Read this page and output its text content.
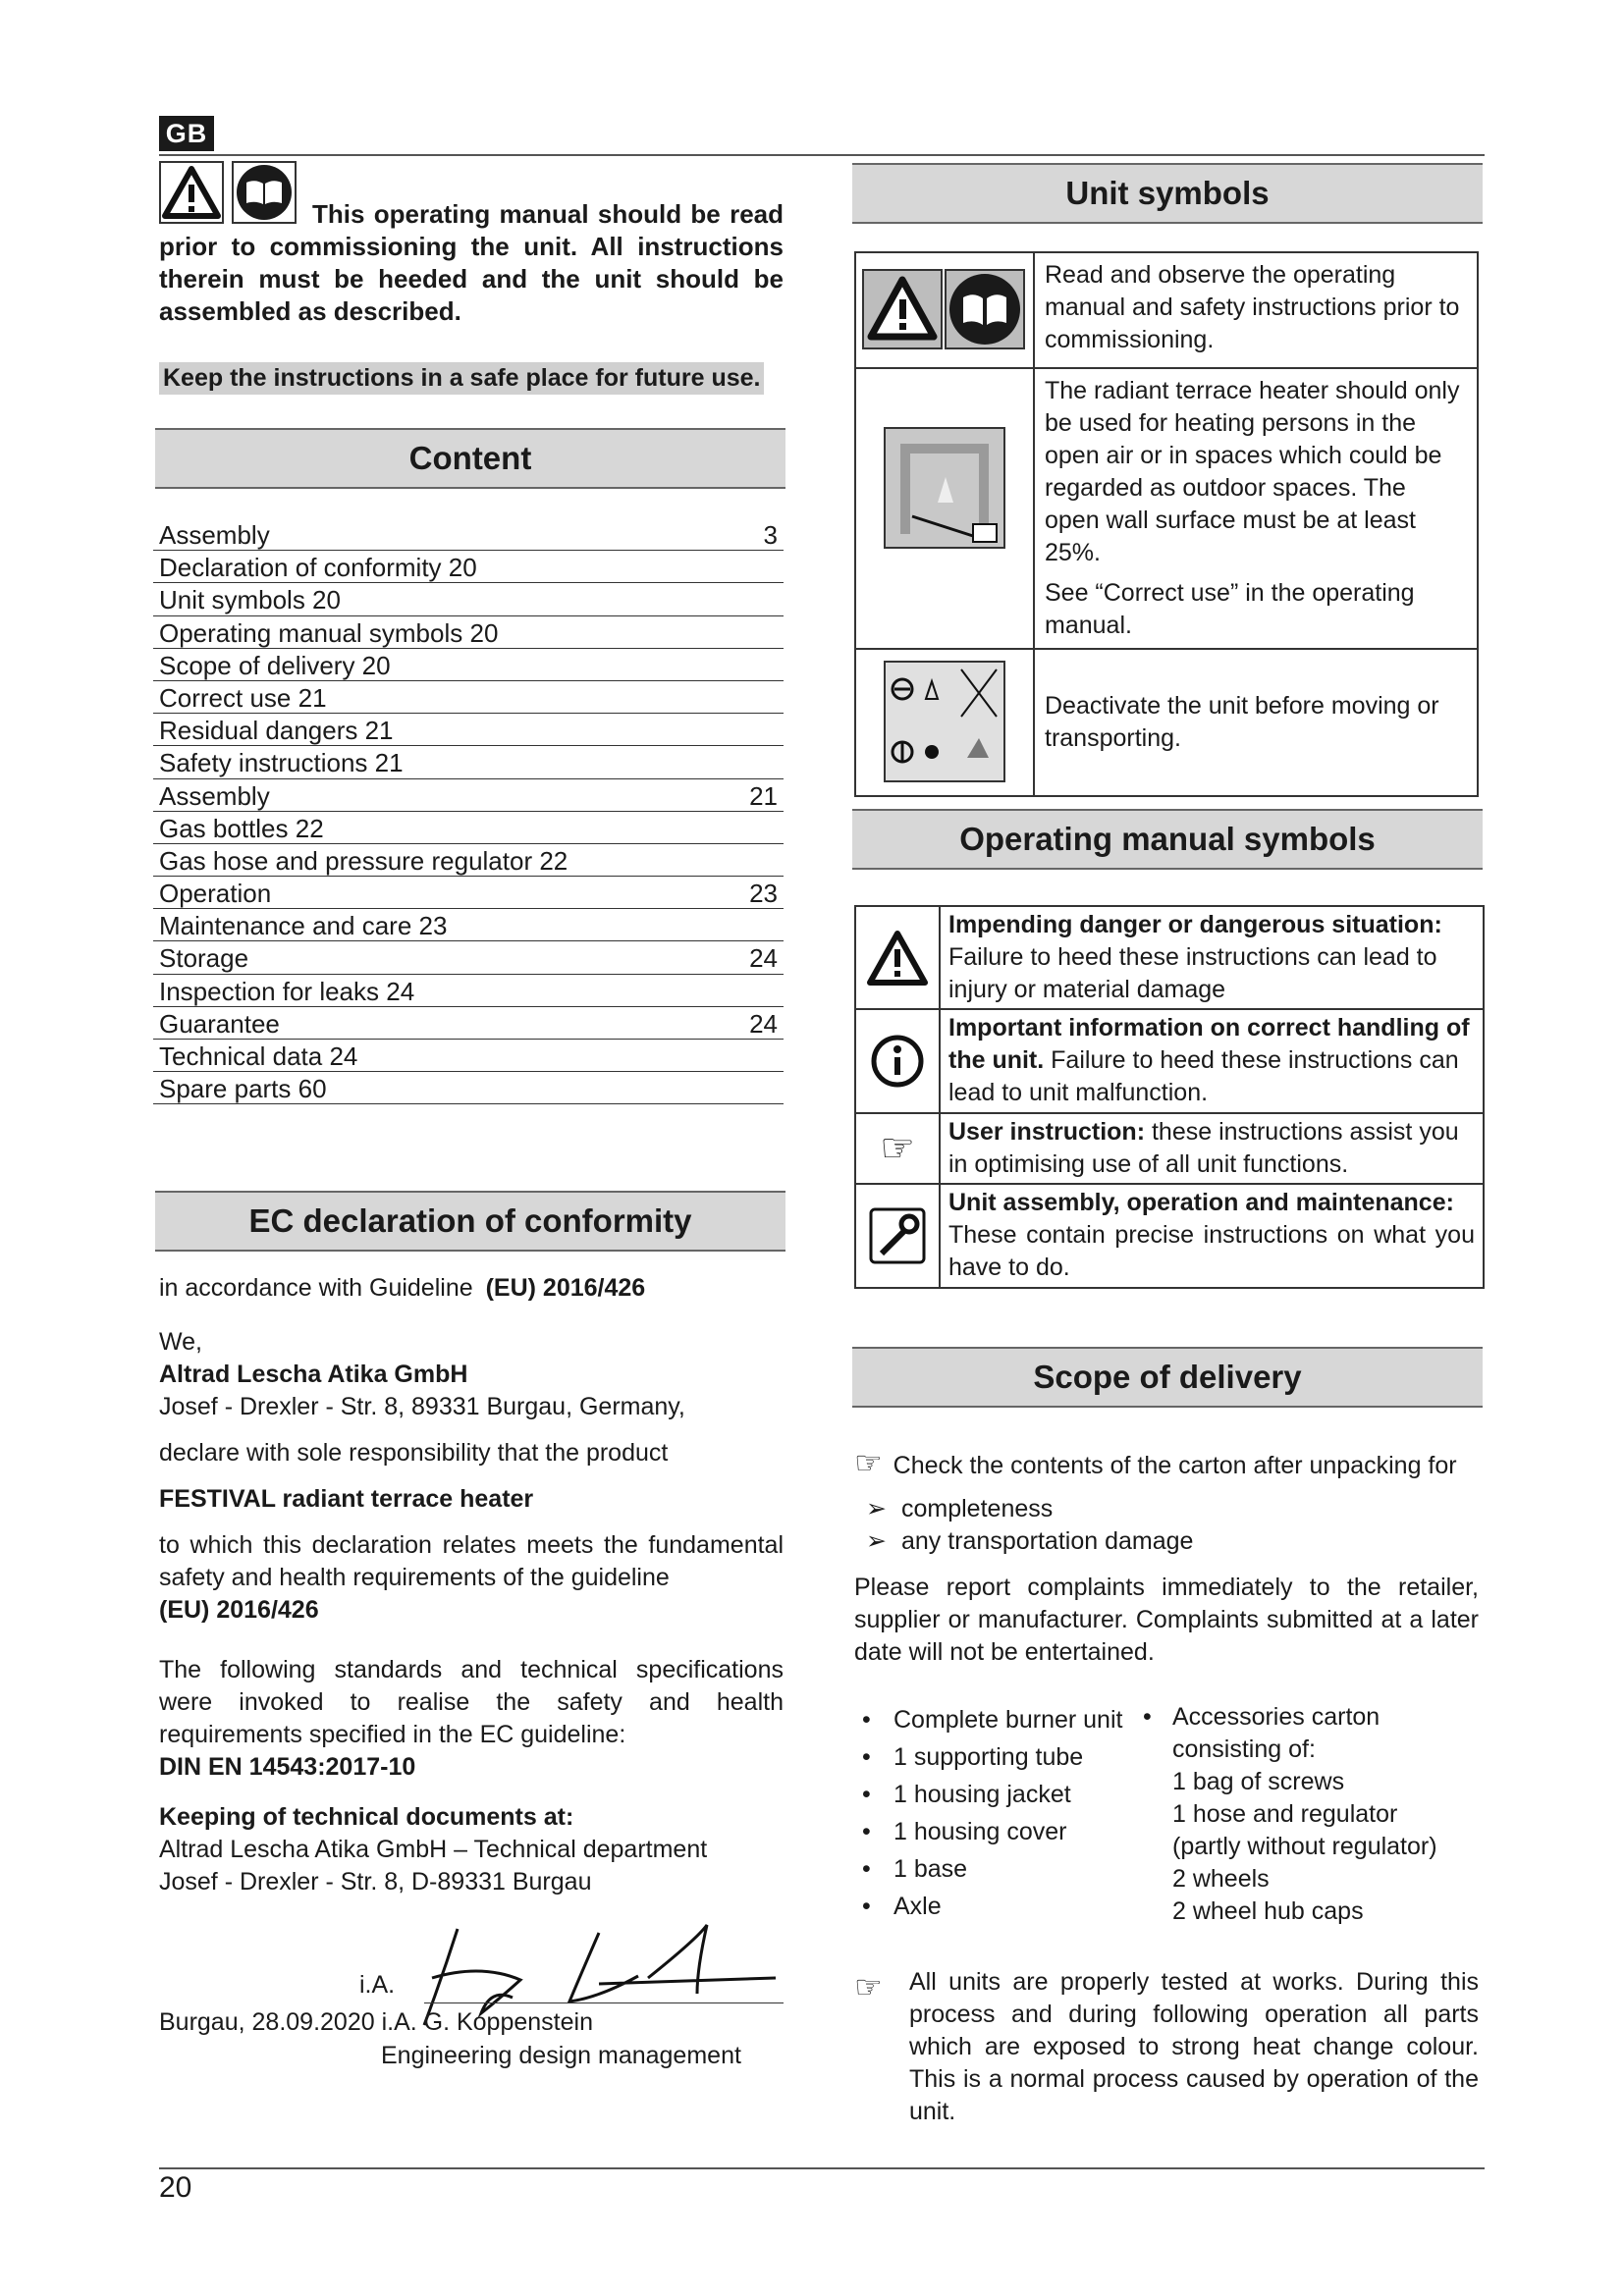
GB
This operating manual should be read prior to commissioning the unit. All instructions therein must be heeded and the unit should be assembled as described.
Keep the instructions in a safe place for future use.
Content
Assembly	3
Declaration of conformity 20
Unit symbols 20
Operating manual symbols 20
Scope of delivery 20
Correct use 21
Residual dangers 21
Safety instructions 21
Assembly	21
Gas bottles 22
Gas hose and pressure regulator 22
Operation	23
Maintenance and care 23
Storage	24
Inspection for leaks 24
Guarantee	24
Technical data 24
Spare parts 60
EC declaration of conformity
in accordance with Guideline (EU) 2016/426
We,
Altrad Lescha Atika GmbH
Josef - Drexler - Str. 8, 89331 Burgau, Germany,
declare with sole responsibility that the product
FESTIVAL radiant terrace heater
to which this declaration relates meets the fundamental safety and health requirements of the guideline
(EU) 2016/426
The following standards and technical specifications were invoked to realise the safety and health requirements specified in the EC guideline:
DIN EN 14543:2017-10
Keeping of technical documents at:
Altrad Lescha Atika GmbH – Technical department
Josef - Drexler - Str. 8, D-89331 Burgau
i.A.
Burgau, 28.09.2020 i.A. G. Koppenstein
Engineering design management
Unit symbols
	Read and observe the operating manual and safety instructions prior to commissioning.

The radiant terrace heater should only be used for heating persons in the open air or in spaces which could be regarded as outdoor spaces. The open wall surface must be at least 25%.
See “Correct use” in the operating manual.

	Deactivate the unit before moving or transporting.
Operating manual symbols

Impending danger or dangerous situation:
Failure to heed these instructions can lead to injury or material damage

	Important information on correct handling of the unit. Failure to heed these instructions can lead to unit malfunction.

☞	User instruction: these instructions assist you in optimising use of all unit functions.

Unit assembly, operation and maintenance:
These contain precise instructions on what you have to do.
Scope of delivery
☞ Check the contents of the carton after unpacking for
➢ completeness
➢ any transportation damage
Please report complaints immediately to the retailer, supplier or manufacturer. Complaints submitted at a later date will not be entertained.
• Complete burner unit
• 1 supporting tube
• 1 housing jacket
• 1 housing cover
• 1 base
• Axle
• Accessories carton
consisting of:
1 bag of screws
1 hose and regulator
(partly without regulator)
2 wheels
2 wheel hub caps
☞	All units are properly tested at works. During this process and during following operation all parts which are exposed to strong heat change colour. This is a normal process caused by operation of the unit.
20
